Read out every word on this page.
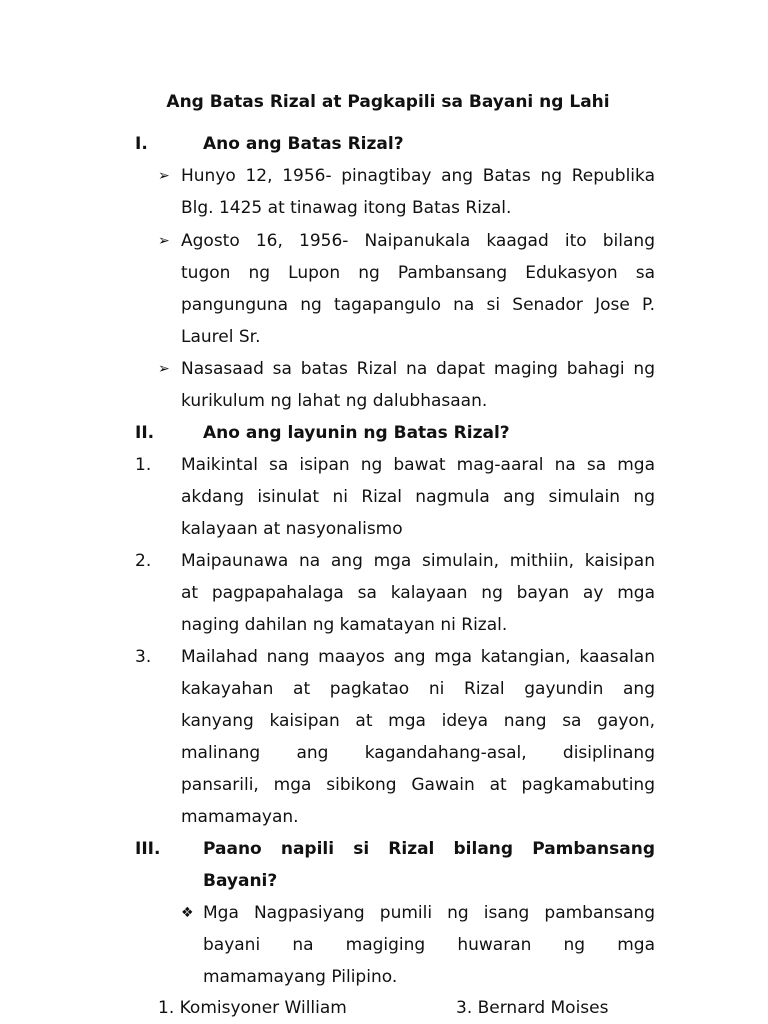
Ang Batas Rizal at Pagkapili sa Bayani ng Lahi
I.	Ano ang Batas Rizal?
➢ Hunyo 12, 1956- pinagtibay ang Batas ng Republika
Blg. 1425 at tinawag itong Batas Rizal.
➢ Agosto 16, 1956- Naipanukala kaagad ito bilang
tugon ng Lupon ng Pambansang Edukasyon sa
pangunguna ng tagapangulo na si Senador Jose P.
Laurel Sr.
➢ Nasasaad sa batas Rizal na dapat maging bahagi ng
kurikulum ng lahat ng dalubhasaan.
II.	Ano ang layunin ng Batas Rizal?
1. Maikintal sa isipan ng bawat mag-aaral na sa mga
akdang isinulat ni Rizal nagmula ang simulain ng
kalayaan at nasyonalismo
2. Maipaunawa na ang mga simulain, mithiin, kaisipan
at pagpapahalaga sa kalayaan ng bayan ay mga
naging dahilan ng kamatayan ni Rizal.
3. Mailahad nang maayos ang mga katangian, kaasalan
kakayahan at pagkatao ni Rizal gayundin ang
kanyang kaisipan at mga ideya nang sa gayon,
malinang ang kagandahang-asal, disiplinang
pansarili, mga sibikong Gawain at pagkamabuting
mamamayan.
III.	Paano napili si Rizal bilang Pambansang
Bayani?
❖ Mga Nagpasiyang pumili ng isang pambansang
bayani na magiging huwaran ng mga
mamamayang Pilipino.
1. Komisyoner William	3. Bernard Moises
